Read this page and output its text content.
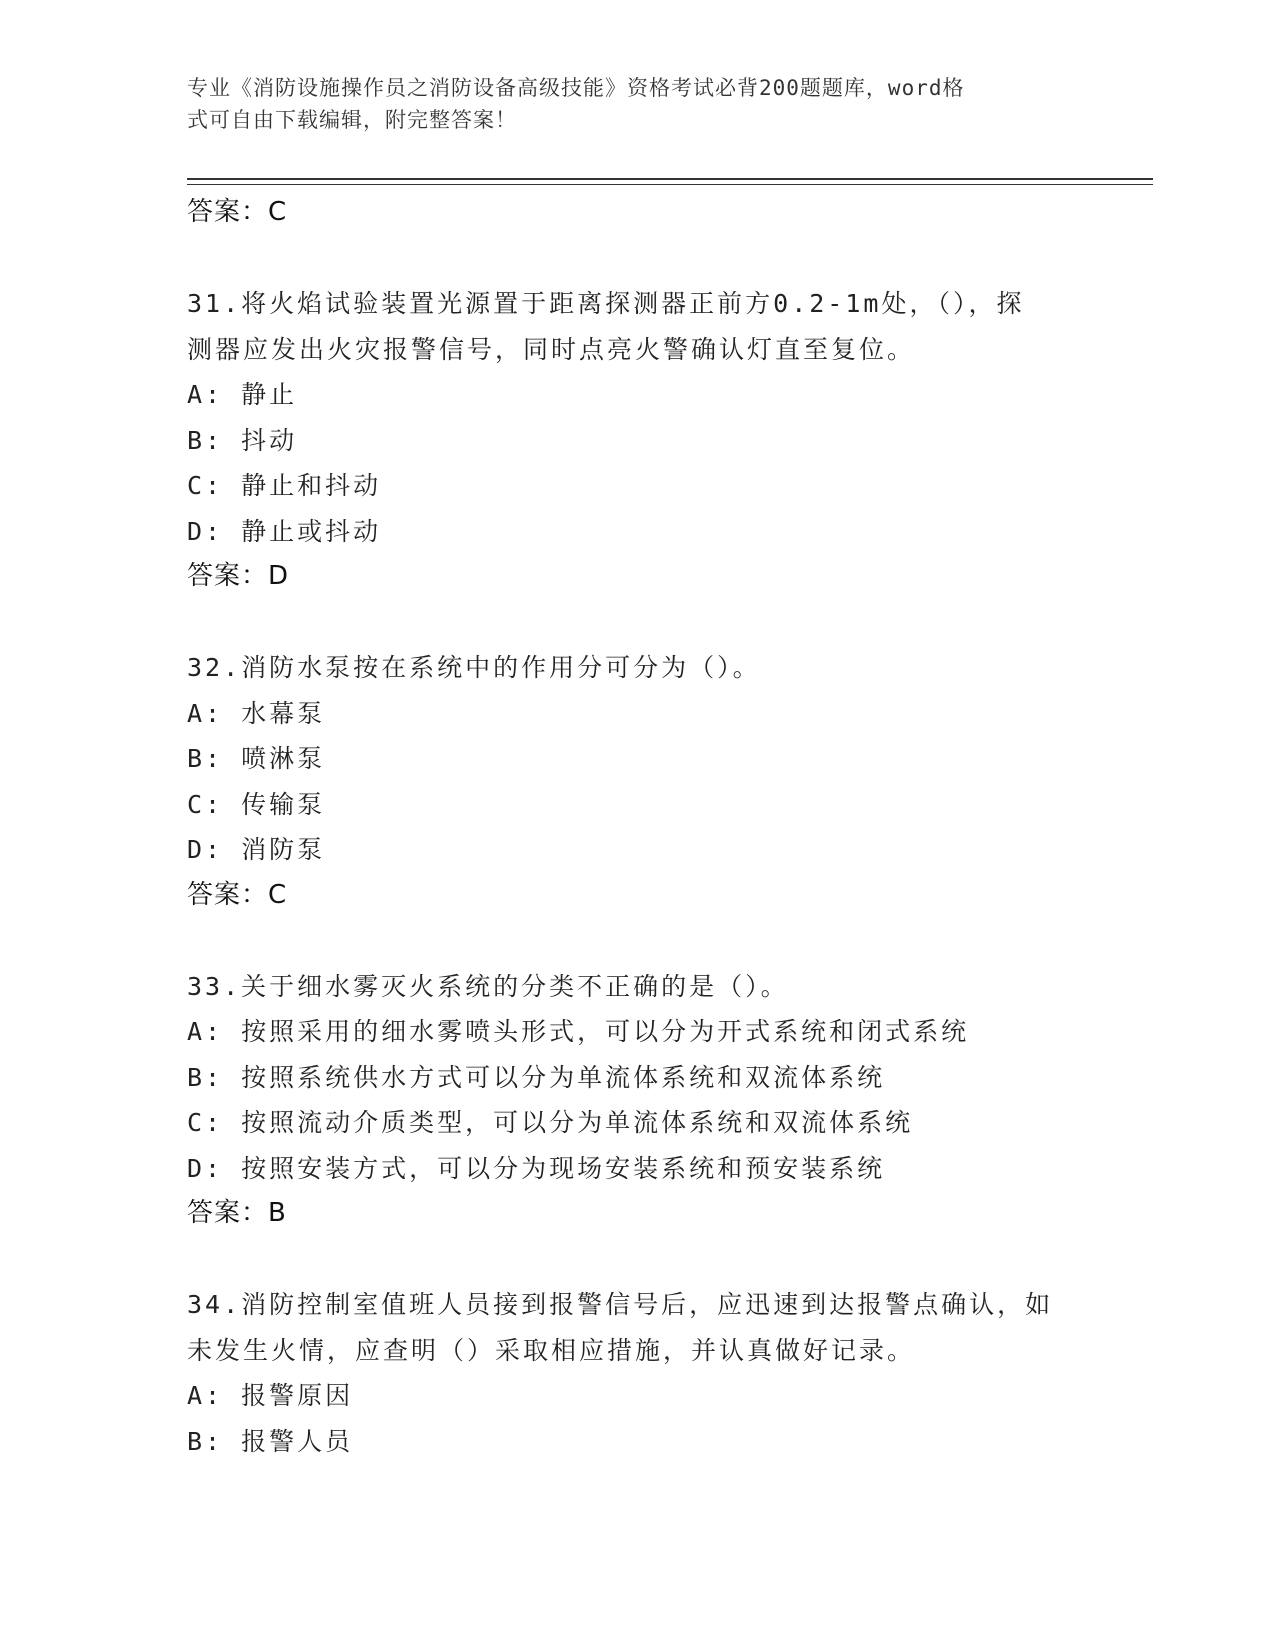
专业《消防设施操作员之消防设备高级技能》资格考试必背200题题库，word格
式可自由下载编辑，附完整答案！
答案：C
31.将火焰试验装置光源置于距离探测器正前方0.2-1m处，（），探
测器应发出火灾报警信号，同时点亮火警确认灯直至复位。
A: 静止
B: 抖动
C: 静止和抖动
D: 静止或抖动
答案：D
32.消防水泵按在系统中的作用分可分为（）。
A: 水幕泵
B: 喷淋泵
C: 传输泵
D: 消防泵
答案：C
33.关于细水雾灭火系统的分类不正确的是（）。
A: 按照采用的细水雾喷头形式，可以分为开式系统和闭式系统
B: 按照系统供水方式可以分为单流体系统和双流体系统
C: 按照流动介质类型，可以分为单流体系统和双流体系统
D: 按照安装方式，可以分为现场安装系统和预安装系统
答案：B
34.消防控制室值班人员接到报警信号后，应迅速到达报警点确认，如
未发生火情，应查明（）采取相应措施，并认真做好记录。
A: 报警原因
B: 报警人员
